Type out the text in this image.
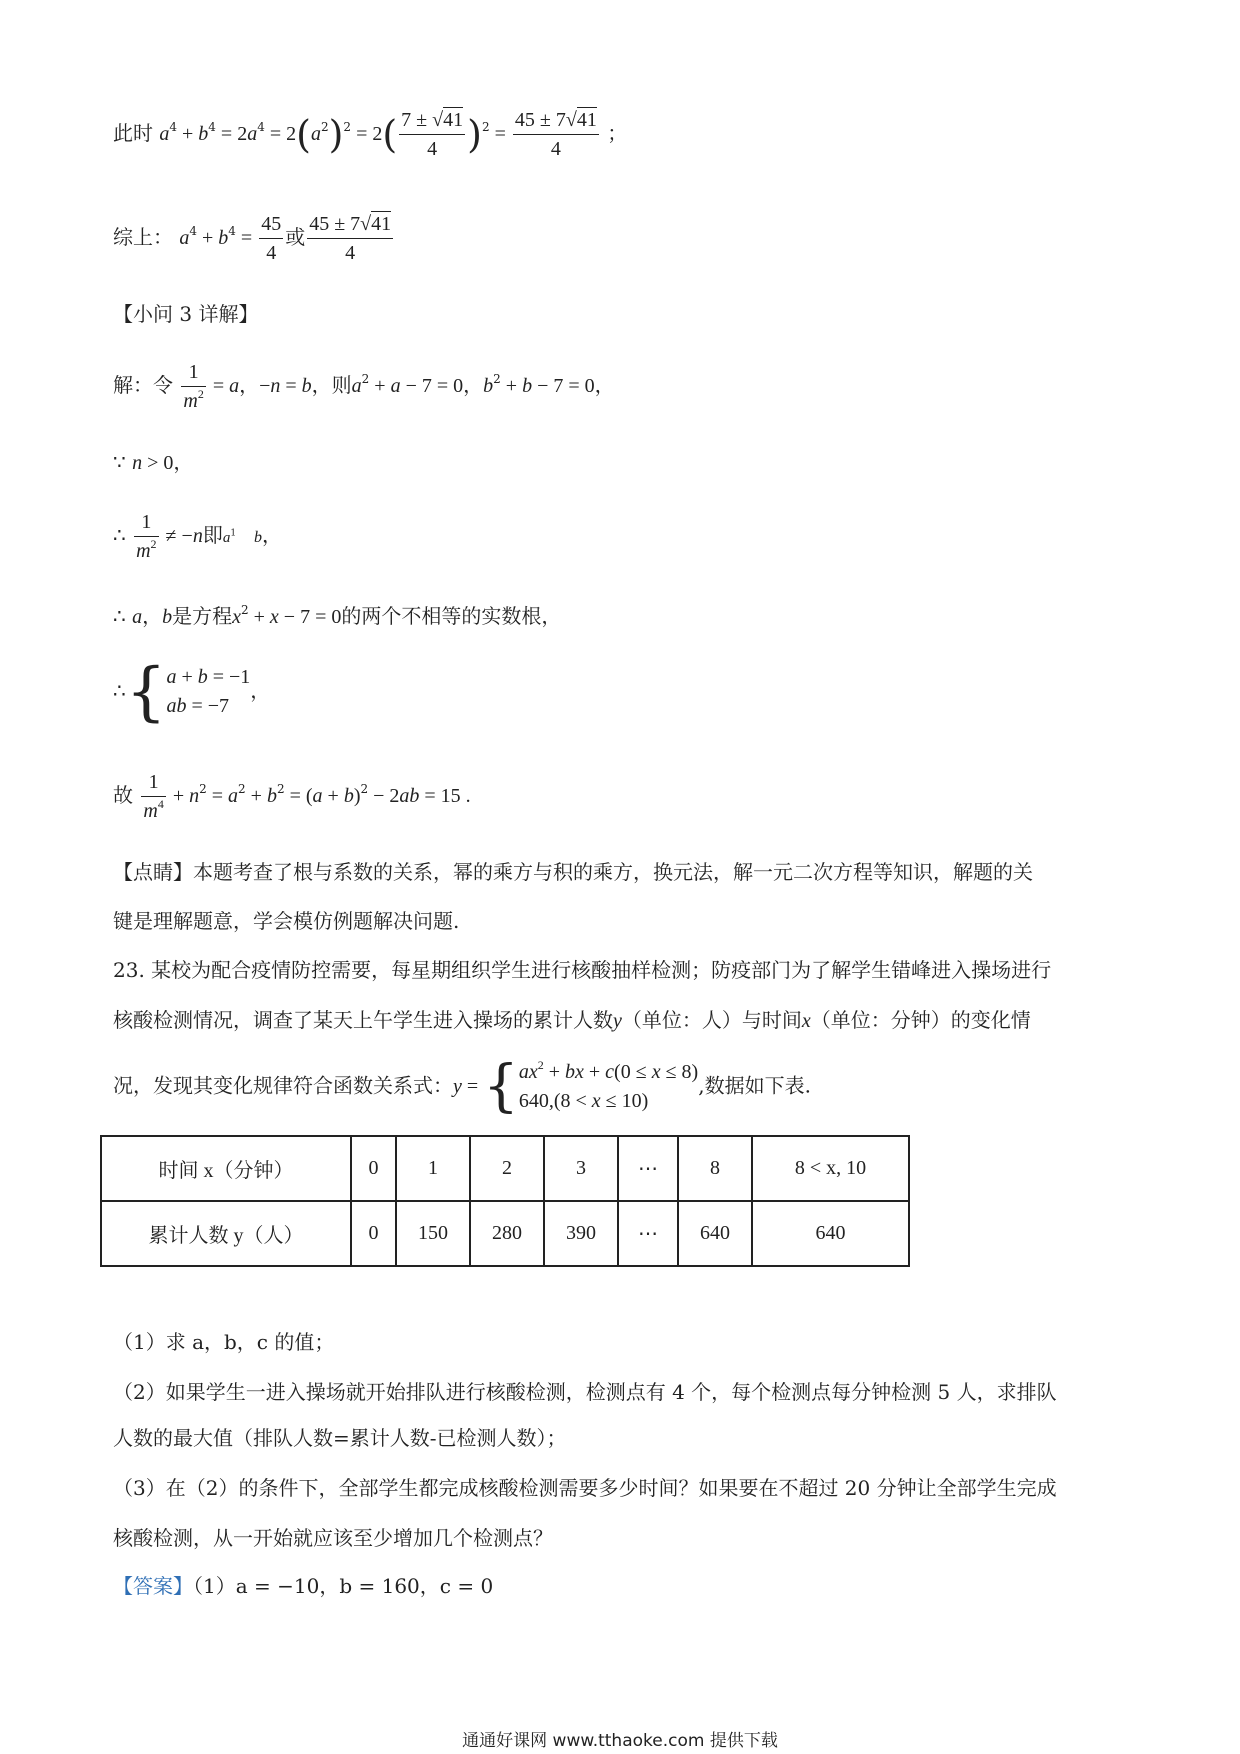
此时 $a^4 + b^4 = 2a^4 = 2(a^2)^2 = 2( \frac{7 \pm √41}{4} )^2 = \frac{45 \pm 7√41}{4}$ ；
综上： $a^4 + b^4 = \frac{45}{4}$ 或 $\frac{45 \pm 7√41}{4}$
【小问 3 详解】
解：令 $\frac{1}{m^2} = a$，−n = b，则$a^2 + a - 7 = 0$，$b^2 + b - 7 = 0$，
∵ n > 0，
∴ $\frac{1}{m^2} \ne -n$即$a^1$ b，
∴ a，b是方程$x^2 + x - 7 = 0$的两个不相等的实数根，
∴{ a + b = −1
ab = −7
，
故 $\frac{1}{m^4} + n^2 = a^2 + b^2 = (a + b)^2 - 2ab = 15$ .
【点睛】本题考查了根与系数的关系，幂的乘方与积的乘方，换元法，解一元二次方程等知识，解题的关
键是理解题意，学会模仿例题解决问题.
23. 某校为配合疫情防控需要，每星期组织学生进行核酸抽样检测；防疫部门为了解学生错峰进入操场进行
核酸检测情况，调查了某天上午学生进入操场的累计人数y（单位：人）与时间x（单位：分钟）的变化情
况，发现其变化规律符合函数关系式：y = { $ax^2$ + bx + c(0 ≤ x ≤ 8)
640,(8 < x ≤ 10)
,数据如下表.
时间 x（分钟）	0	1	2	3	⋯	8	8 < x, 10
累计人数 y（人）	0	150	280	390	⋯	640	640
（1）求 a，b，c 的值；
（2）如果学生一进入操场就开始排队进行核酸检测，检测点有 4 个，每个检测点每分钟检测 5 人，求排队
人数的最大值（排队人数=累计人数-已检测人数）；
（3）在（2）的条件下，全部学生都完成核酸检测需要多少时间？如果要在不超过 20 分钟让全部学生完成
核酸检测，从一开始就应该至少增加几个检测点？
【答案】（1）a = −10，b = 160，c = 0
通通好课网 www.tthaoke.com 提供下载
